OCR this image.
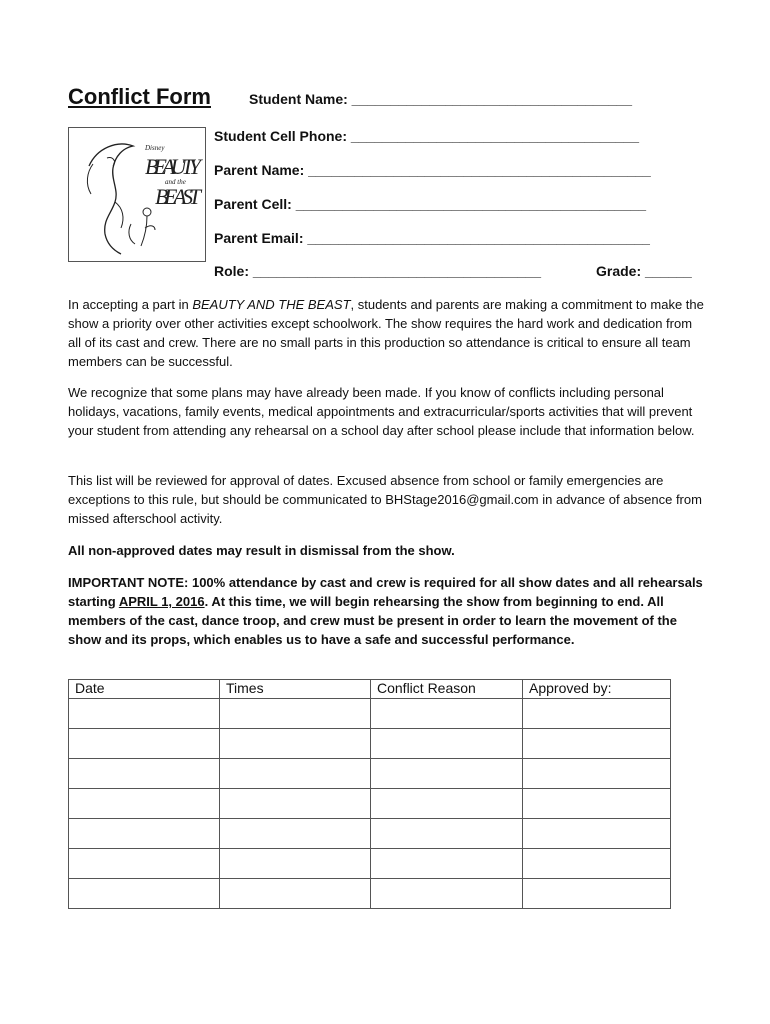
Conflict Form	Student Name: ____________________________________
Student Cell Phone: _____________________________________
Parent Name: ____________________________________________
Parent Cell: _____________________________________________
Parent Email: ____________________________________________
Role: _____________________________________	Grade: ______
Disney
BEAUTY
and the
BEAST
In accepting a part in BEAUTY AND THE BEAST, students and parents are making a commitment to make the show a priority over other activities except schoolwork. The show requires the hard work and dedication from all of its cast and crew. There are no small parts in this production so attendance is critical to ensure all team members can be successful.
We recognize that some plans may have already been made. If you know of conflicts including personal holidays, vacations, family events, medical appointments and extracurricular/sports activities that will prevent your student from attending any rehearsal on a school day after school please include that information below.
This list will be reviewed for approval of dates. Excused absence from school or family emergencies are exceptions to this rule, but should be communicated to BHStage2016@gmail.com in advance of absence from missed afterschool activity.
All non-approved dates may result in dismissal from the show.
IMPORTANT NOTE: 100% attendance by cast and crew is required for all show dates and all rehearsals starting APRIL 1, 2016. At this time, we will begin rehearsing the show from beginning to end. All members of the cast, dance troop, and crew must be present in order to learn the movement of the show and its props, which enables us to have a safe and successful performance.
Date	Times	Conflict Reason	Approved by:
